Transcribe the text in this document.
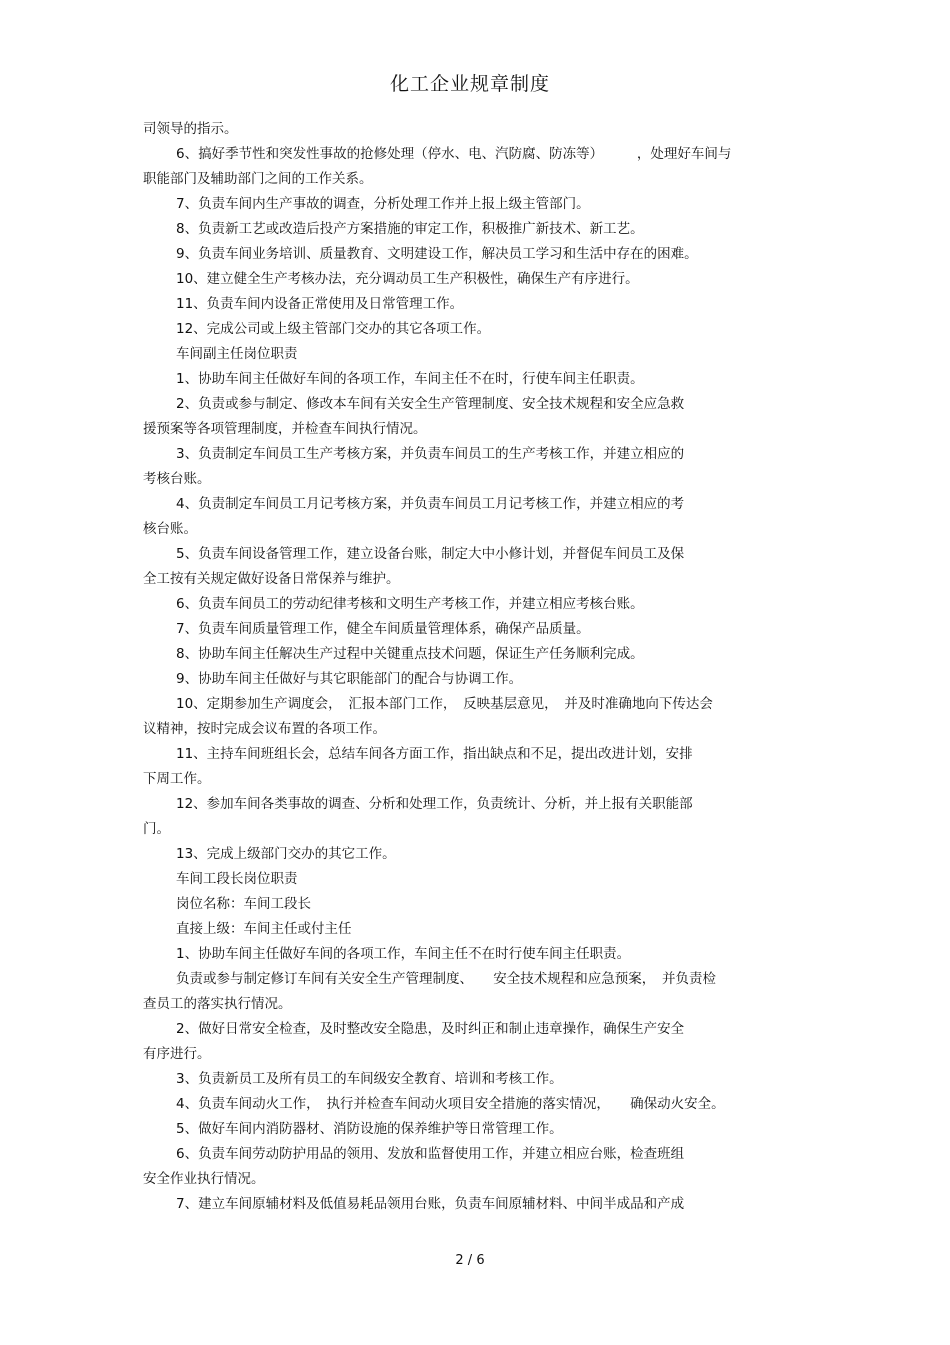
化工企业规章制度
司领导的指示。
6、搞好季节性和突发性事故的抢修处理（停水、电、汽防腐、防冻等）　　　，处理好车间与
职能部门及辅助部门之间的工作关系。
7、负责车间内生产事故的调查，分析处理工作并上报上级主管部门。
8、负责新工艺或改造后投产方案措施的审定工作，积极推广新技术、新工艺。
9、负责车间业务培训、质量教育、文明建设工作，解决员工学习和生活中存在的困难。
10、建立健全生产考核办法，充分调动员工生产积极性，确保生产有序进行。
11、负责车间内设备正常使用及日常管理工作。
12、完成公司或上级主管部门交办的其它各项工作。
车间副主任岗位职责
1、协助车间主任做好车间的各项工作，车间主任不在时，行使车间主任职责。
2、负责或参与制定、修改本车间有关安全生产管理制度、安全技术规程和安全应急救
援预案等各项管理制度，并检查车间执行情况。
3、负责制定车间员工生产考核方案，并负责车间员工的生产考核工作，并建立相应的
考核台账。
4、负责制定车间员工月记考核方案，并负责车间员工月记考核工作，并建立相应的考
核台账。
5、负责车间设备管理工作，建立设备台账，制定大中小修计划，并督促车间员工及保
全工按有关规定做好设备日常保养与维护。
6、负责车间员工的劳动纪律考核和文明生产考核工作，并建立相应考核台账。
7、负责车间质量管理工作，健全车间质量管理体系，确保产品质量。
8、协助车间主任解决生产过程中关键重点技术问题，保证生产任务顺利完成。
9、协助车间主任做好与其它职能部门的配合与协调工作。
10、定期参加生产调度会，　汇报本部门工作，　反映基层意见，　并及时准确地向下传达会
议精神，按时完成会议布置的各项工作。
11、主持车间班组长会，总结车间各方面工作，指出缺点和不足，提出改进计划，安排
下周工作。
12、参加车间各类事故的调查、分析和处理工作，负责统计、分析，并上报有关职能部
门。
13、完成上级部门交办的其它工作。
车间工段长岗位职责
岗位名称：车间工段长
直接上级：车间主任或付主任
1、协助车间主任做好车间的各项工作，车间主任不在时行使车间主任职责。
负责或参与制定修订车间有关安全生产管理制度、　　安全技术规程和应急预案，　并负责检
查员工的落实执行情况。
2、做好日常安全检查，及时整改安全隐患，及时纠正和制止违章操作，确保生产安全
有序进行。
3、负责新员工及所有员工的车间级安全教育、培训和考核工作。
4、负责车间动火工作，　执行并检查车间动火项目安全措施的落实情况，　　确保动火安全。
5、做好车间内消防器材、消防设施的保养维护等日常管理工作。
6、负责车间劳动防护用品的领用、发放和监督使用工作，并建立相应台账，检查班组
安全作业执行情况。
7、建立车间原辅材料及低值易耗品领用台账，负责车间原辅材料、中间半成品和产成
2 / 6
